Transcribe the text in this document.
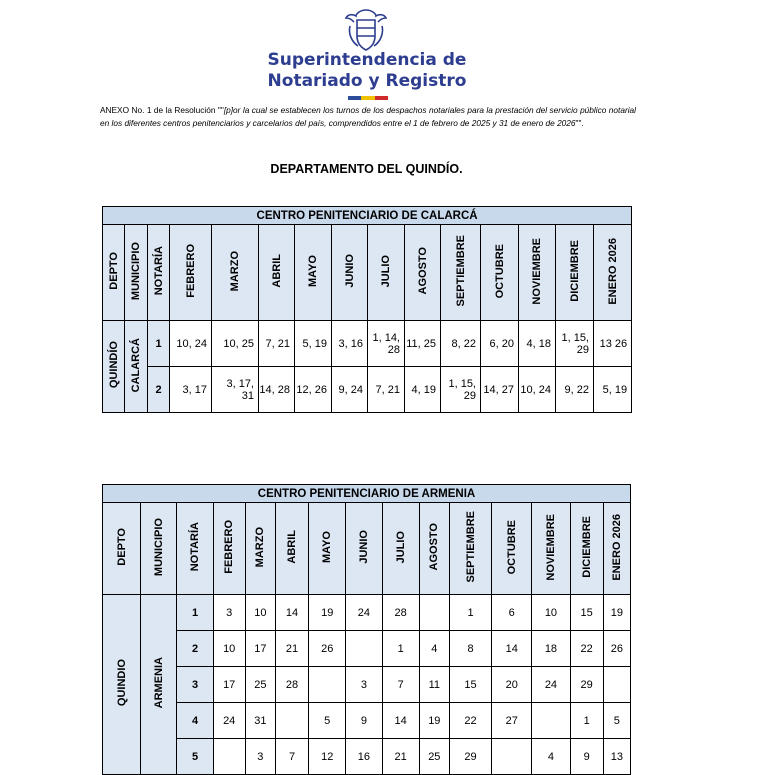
Superintendencia de
Notariado y Registro
ANEXO No. 1 de la Resolución ""[p]or la cual se establecen los turnos de los despachos notariales para la prestación del servicio público notarial en los diferentes centros penitenciarios y carcelarios del país, comprendidos entre el 1 de febrero de 2025 y 31 de enero de 2026"".
DEPARTAMENTO DEL QUINDÍO.
CENTRO PENITENCIARIO DE CALARCÁ														
DEPTO	MUNICIPIO	NOTARÍA	FEBRERO	MARZO	ABRIL	MAYO	JUNIO	JULIO	AGOSTO	SEPTIEMBRE	OCTUBRE	NOVIEMBRE	DICIEMBRE	ENERO 2026
QUINDÍO	CALARCÁ	1	10, 24	10, 25	7, 21	5, 19	3, 16	1, 14, 28	11, 25	8, 22	6, 20	4, 18	1, 15, 29	13 26
		2	3, 17	3, 17, 31	14, 28	12, 26	9, 24	7, 21	4, 19	1, 15, 29	14, 27	10, 24	9, 22	5, 19
CENTRO PENITENCIARIO DE ARMENIA														
DEPTO	MUNICIPIO	NOTARÍA	FEBRERO	MARZO	ABRIL	MAYO	JUNIO	JULIO	AGOSTO	SEPTIEMBRE	OCTUBRE	NOVIEMBRE	DICIEMBRE	ENERO 2026
QUINDIO	ARMENIA	1	3	10	14	19	24	28		1	6	10	15	19
		2	10	17	21	26		1	4	8	14	18	22	26
		3	17	25	28		3	7	11	15	20	24	29	
		4	24	31		5	9	14	19	22	27		1	5
		5		3	7	12	16	21	25	29		4	9	13
